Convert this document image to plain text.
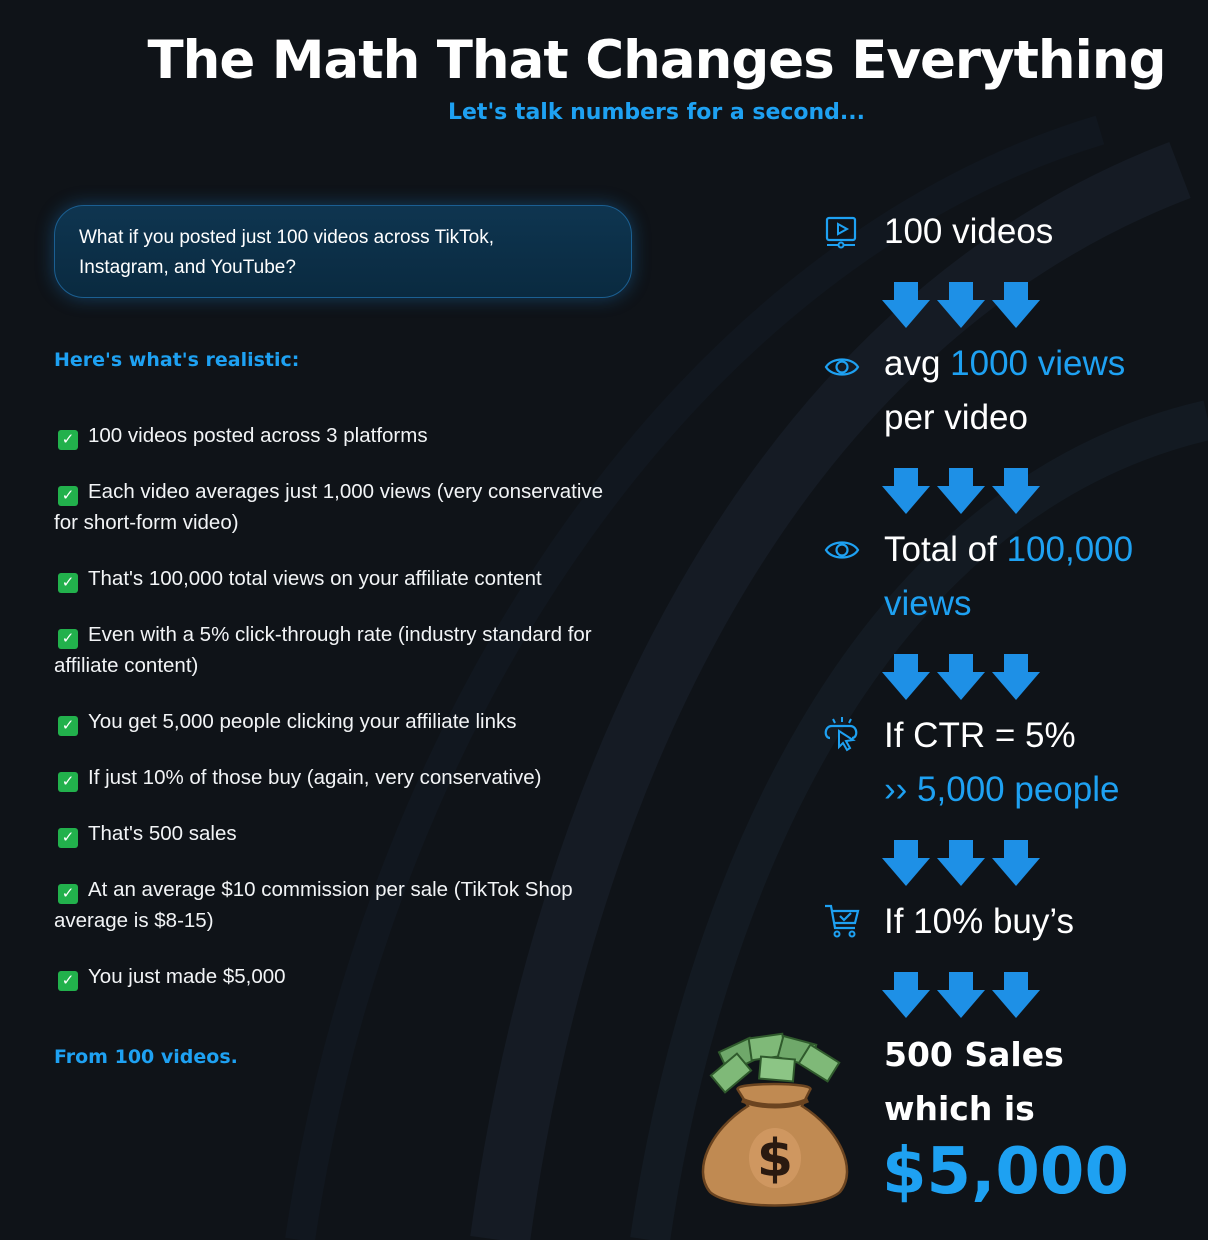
The Math That Changes Everything
Let's talk numbers for a second...
What if you posted just 100 videos across TikTok,
Instagram, and YouTube?
Here's what's realistic:
✓ 100 videos posted across 3 platforms
✓ Each video averages just 1,000 views (very conservative for short-form video)
✓ That's 100,000 total views on your affiliate content
✓ Even with a 5% click-through rate (industry standard for affiliate content)
✓ You get 5,000 people clicking your affiliate links
✓ If just 10% of those buy (again, very conservative)
✓ That's 500 sales
✓ At an average $10 commission per sale (TikTok Shop average is $8-15)
✓ You just made $5,000
From 100 videos.
100 videos
avg 1000 views
per video
Total of 100,000
views
If CTR = 5%
›› 5,000 people
If 10% buy’s
$
500 Sales
which is
$5,000
